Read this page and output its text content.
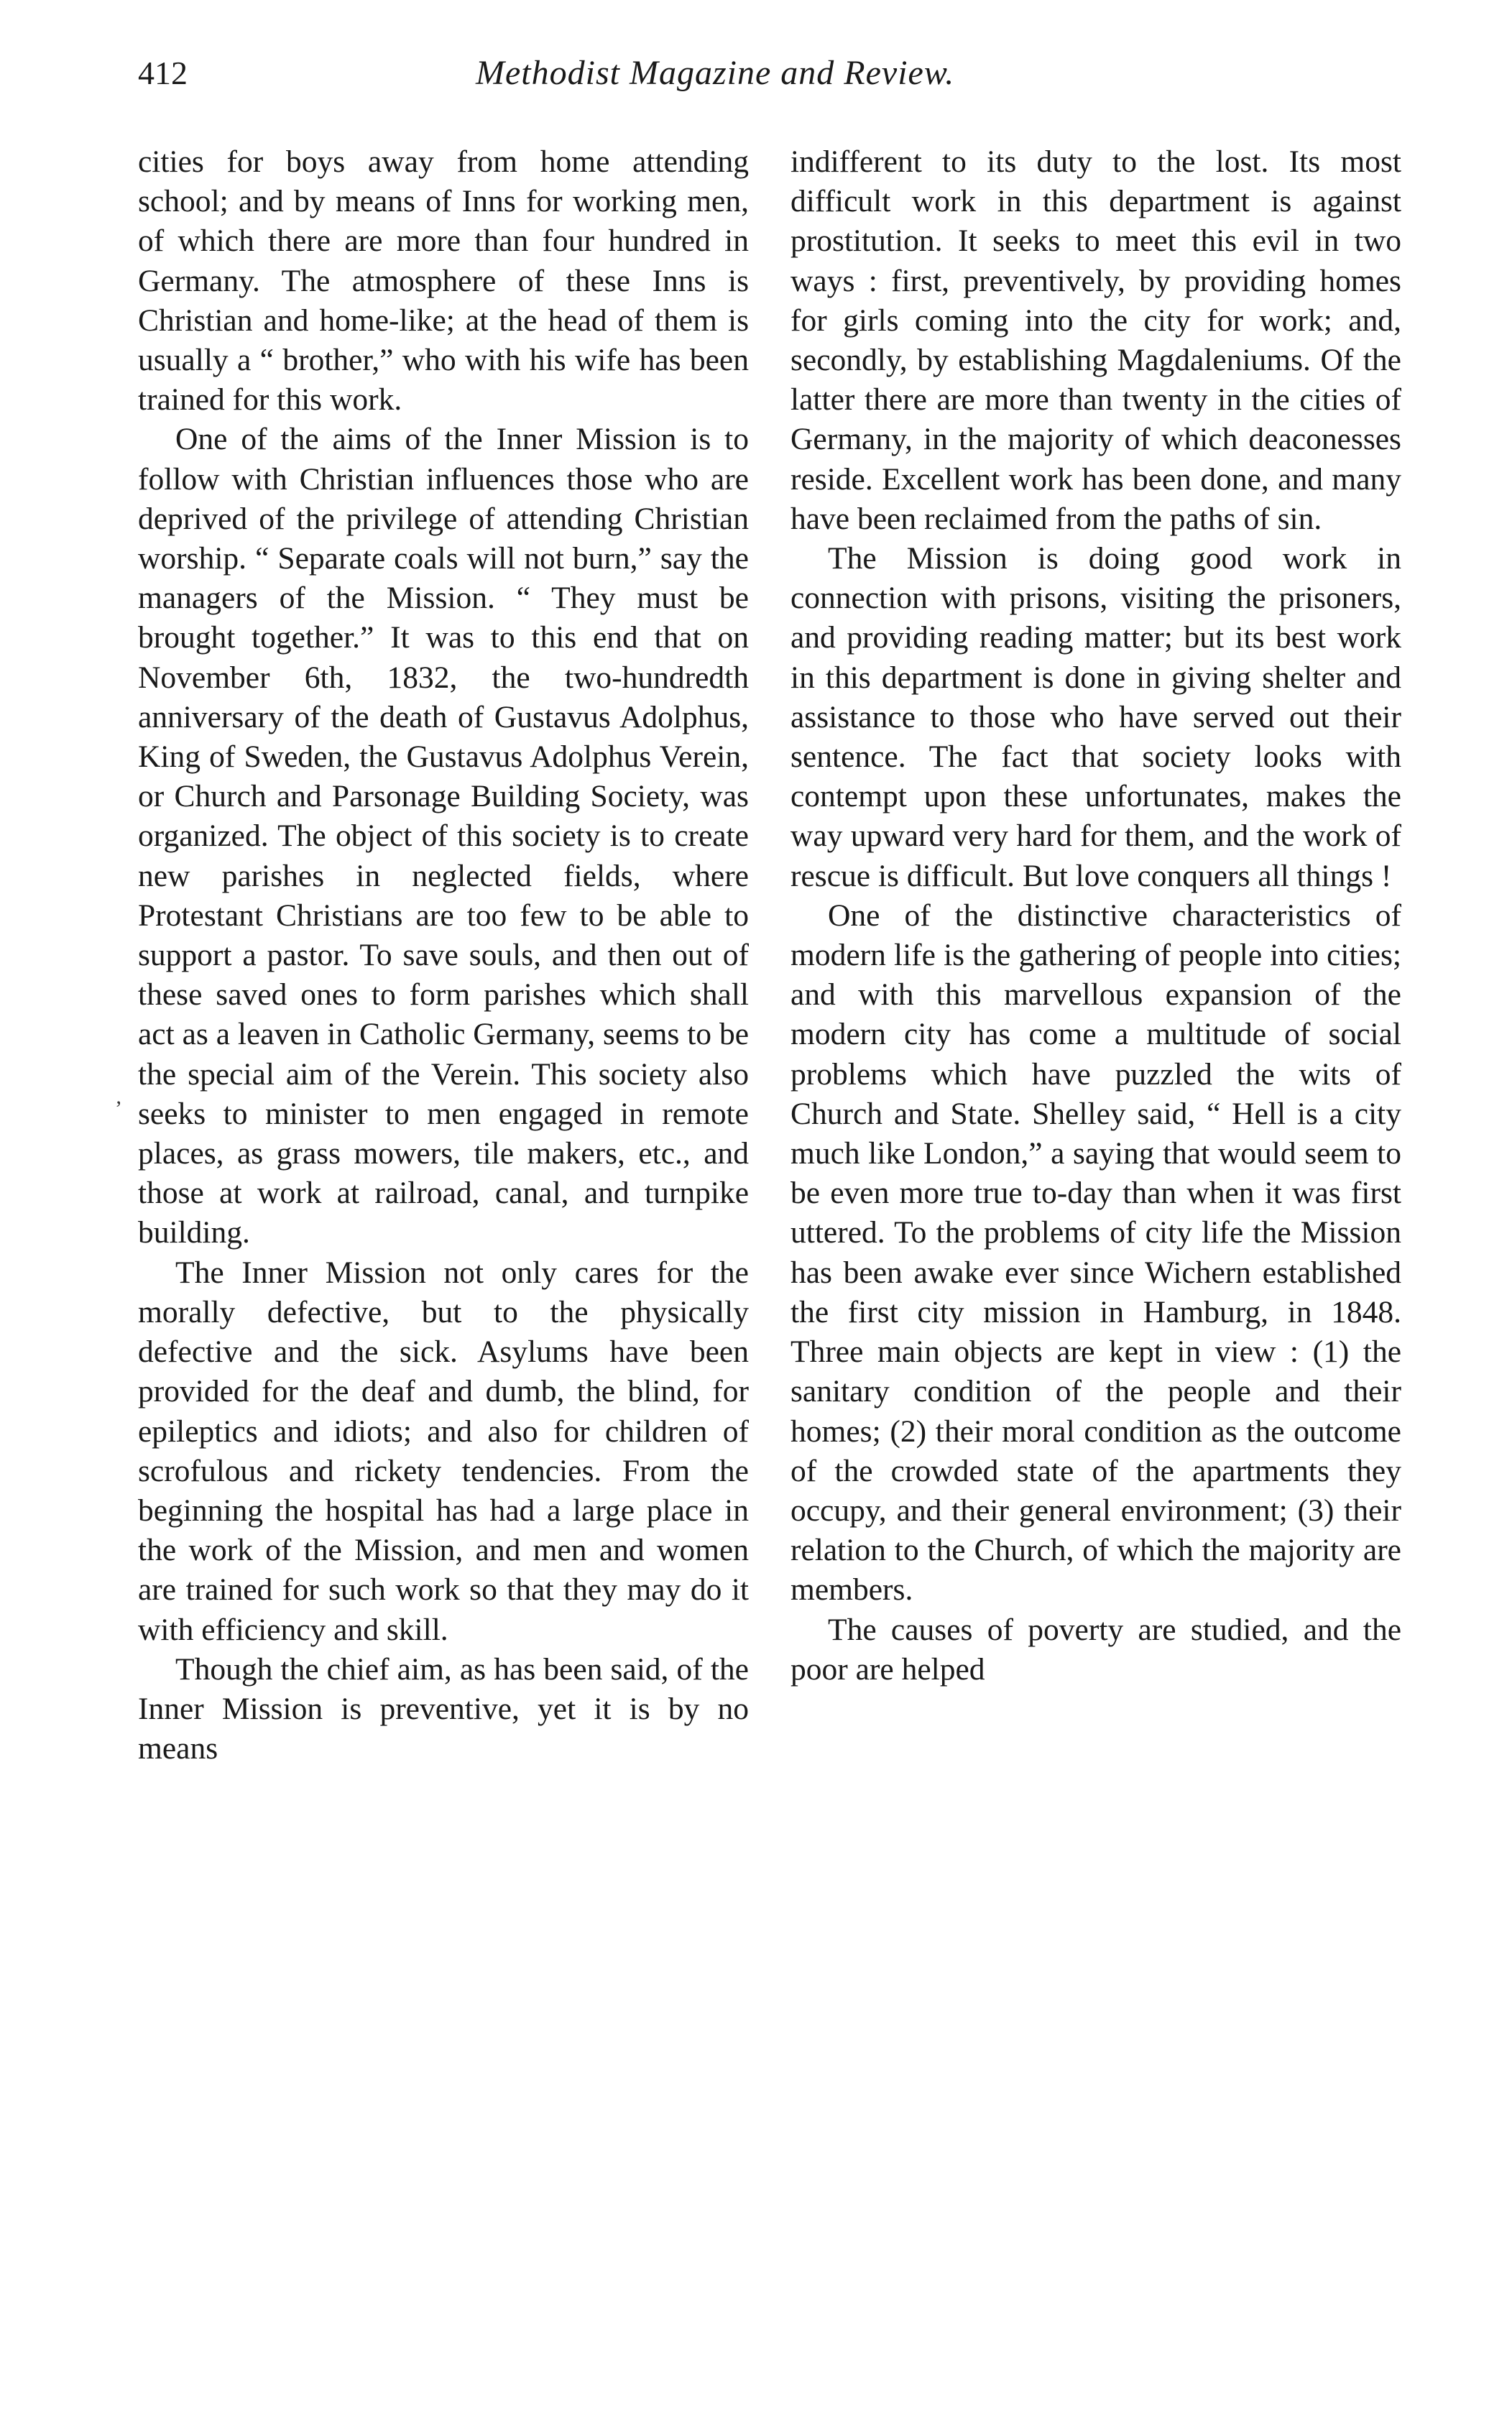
412	Methodist Magazine and Review.
’

cities for boys away from home attending school; and by means of Inns for working men, of which there are more than four hundred in Germany. The atmosphere of these Inns is Christian and home-like; at the head of them is usually a “ brother,” who with his wife has been trained for this work.

One of the aims of the Inner Mission is to follow with Christian influences those who are deprived of the privilege of attending Christian worship. “ Separate coals will not burn,” say the managers of the Mission. “ They must be brought together.” It was to this end that on November 6th, 1832, the two-hundredth anniversary of the death of Gustavus Adolphus, King of Sweden, the Gustavus Adolphus Verein, or Church and Parsonage Building Society, was organized. The object of this society is to create new parishes in neglected fields, where Protestant Christians are too few to be able to support a pastor. To save souls, and then out of these saved ones to form parishes which shall act as a leaven in Catholic Germany, seems to be the special aim of the Verein. This society also seeks to minister to men engaged in remote places, as grass mowers, tile makers, etc., and those at work at railroad, canal, and turnpike building.

The Inner Mission not only cares for the morally defective, but to the physically defective and the sick. Asylums have been provided for the deaf and dumb, the blind, for epileptics and idiots; and also for children of scrofulous and rickety tendencies. From the beginning the hospital has had a large place in the work of the Mission, and men and women are trained for such work so that they may do it with efficiency and skill.

Though the chief aim, as has been said, of the Inner Mission is preventive, yet it is by no means

indifferent to its duty to the lost. Its most difficult work in this department is against prostitution. It seeks to meet this evil in two ways : first, preventively, by providing homes for girls coming into the city for work; and, secondly, by establishing Magdaleniums. Of the latter there are more than twenty in the cities of Germany, in the majority of which deaconesses reside. Excellent work has been done, and many have been reclaimed from the paths of sin.

The Mission is doing good work in connection with prisons, visiting the prisoners, and providing reading matter; but its best work in this department is done in giving shelter and assistance to those who have served out their sentence. The fact that society looks with contempt upon these unfortunates, makes the way upward very hard for them, and the work of rescue is difficult. But love conquers all things !

One of the distinctive characteristics of modern life is the gathering of people into cities; and with this marvellous expansion of the modern city has come a multitude of social problems which have puzzled the wits of Church and State. Shelley said, “ Hell is a city much like London,” a saying that would seem to be even more true to-day than when it was first uttered. To the problems of city life the Mission has been awake ever since Wichern established the first city mission in Hamburg, in 1848. Three main objects are kept in view : (1) the sanitary condition of the people and their homes; (2) their moral condition as the outcome of the crowded state of the apartments they occupy, and their general environment; (3) their relation to the Church, of which the majority are members.

The causes of poverty are studied, and the poor are helped
